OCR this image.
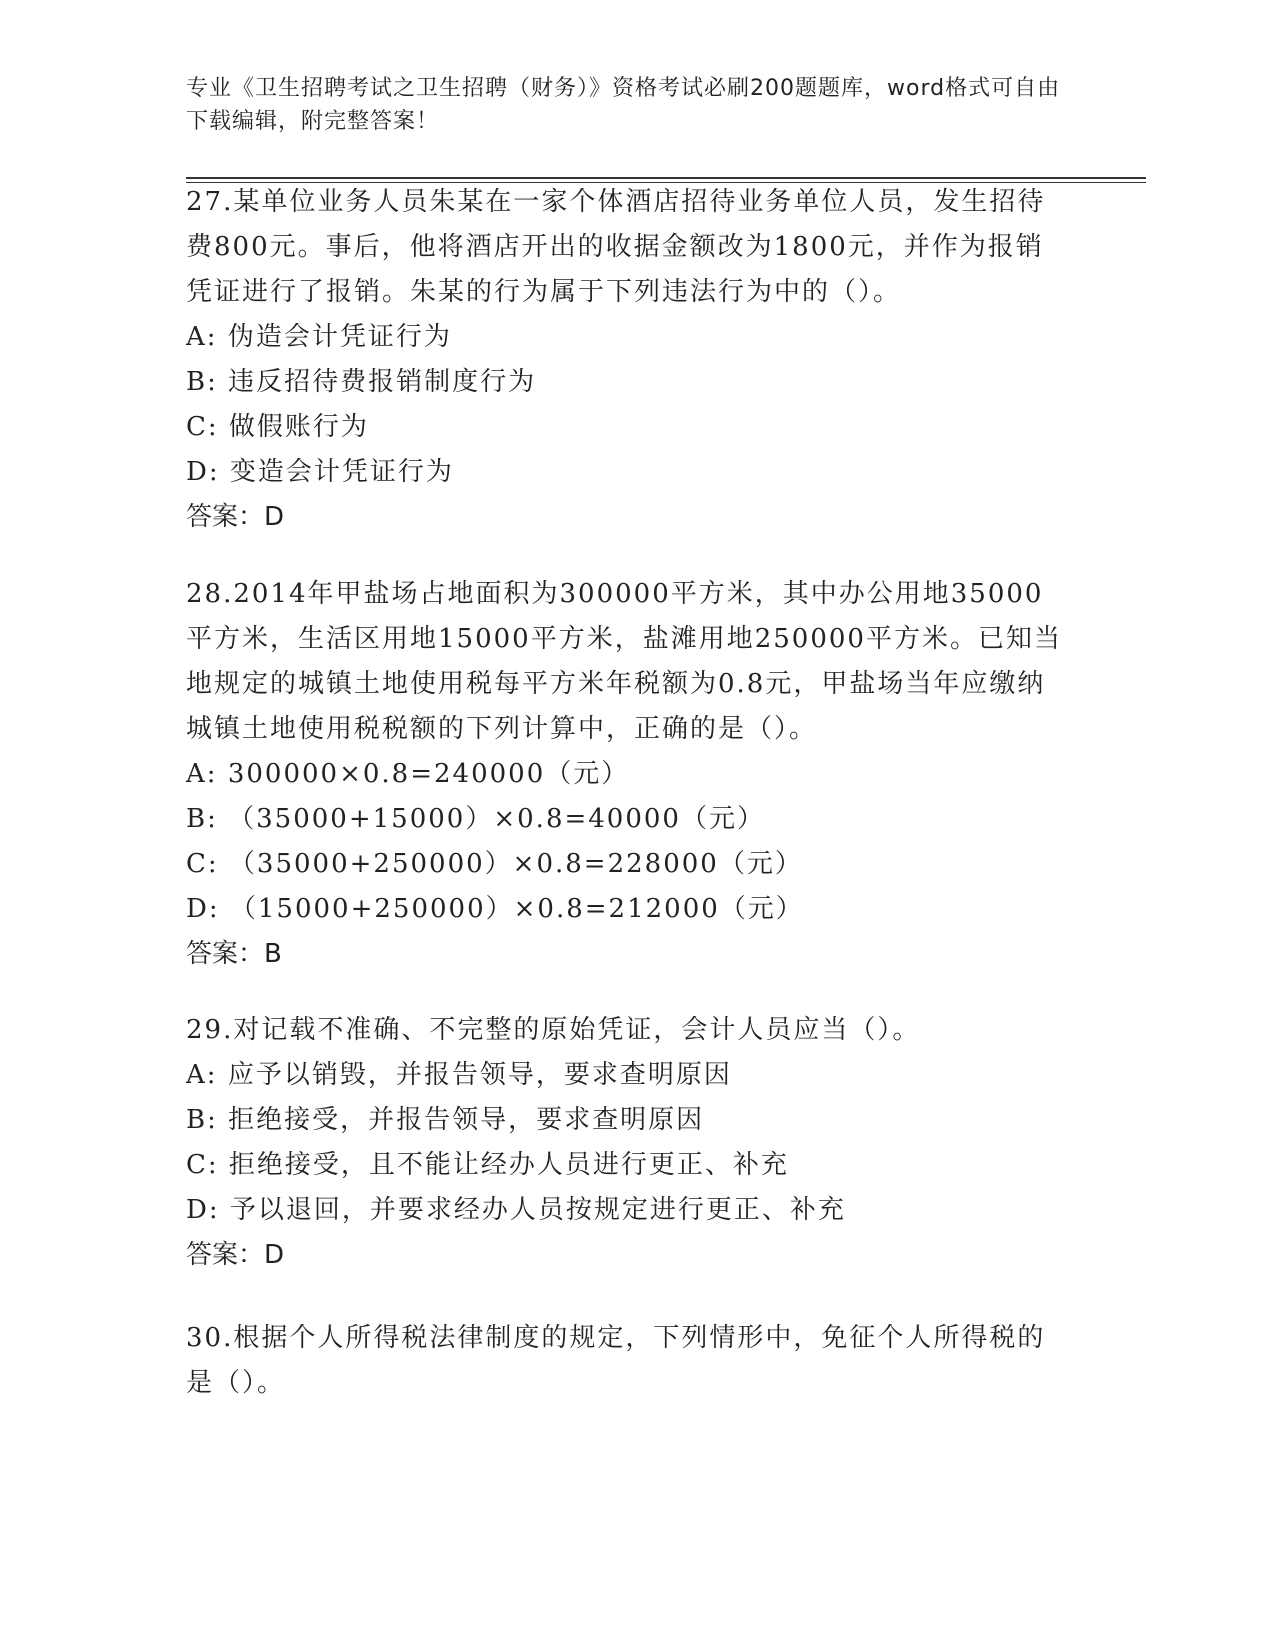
专业《卫生招聘考试之卫生招聘（财务）》资格考试必刷200题题库，word格式可自由下载编辑，附完整答案！

27.某单位业务人员朱某在一家个体酒店招待业务单位人员，发生招待费800元。事后，他将酒店开出的收据金额改为1800元，并作为报销凭证进行了报销。朱某的行为属于下列违法行为中的（）。

A: 伪造会计凭证行为

B: 违反招待费报销制度行为

C: 做假账行为

D: 变造会计凭证行为

答案：D

28.2014年甲盐场占地面积为300000平方米，其中办公用地35000平方米，生活区用地15000平方米，盐滩用地250000平方米。已知当地规定的城镇土地使用税每平方米年税额为0.8元，甲盐场当年应缴纳城镇土地使用税税额的下列计算中，正确的是（）。

A: 300000×0.8=240000（元）

B: （35000+15000）×0.8=40000（元）

C: （35000+250000）×0.8=228000（元）

D: （15000+250000）×0.8=212000（元）

答案：B

29.对记载不准确、不完整的原始凭证，会计人员应当（）。

A: 应予以销毁，并报告领导，要求查明原因

B: 拒绝接受，并报告领导，要求查明原因

C: 拒绝接受，且不能让经办人员进行更正、补充

D: 予以退回，并要求经办人员按规定进行更正、补充

答案：D

30.根据个人所得税法律制度的规定，下列情形中，免征个人所得税的是（）。
